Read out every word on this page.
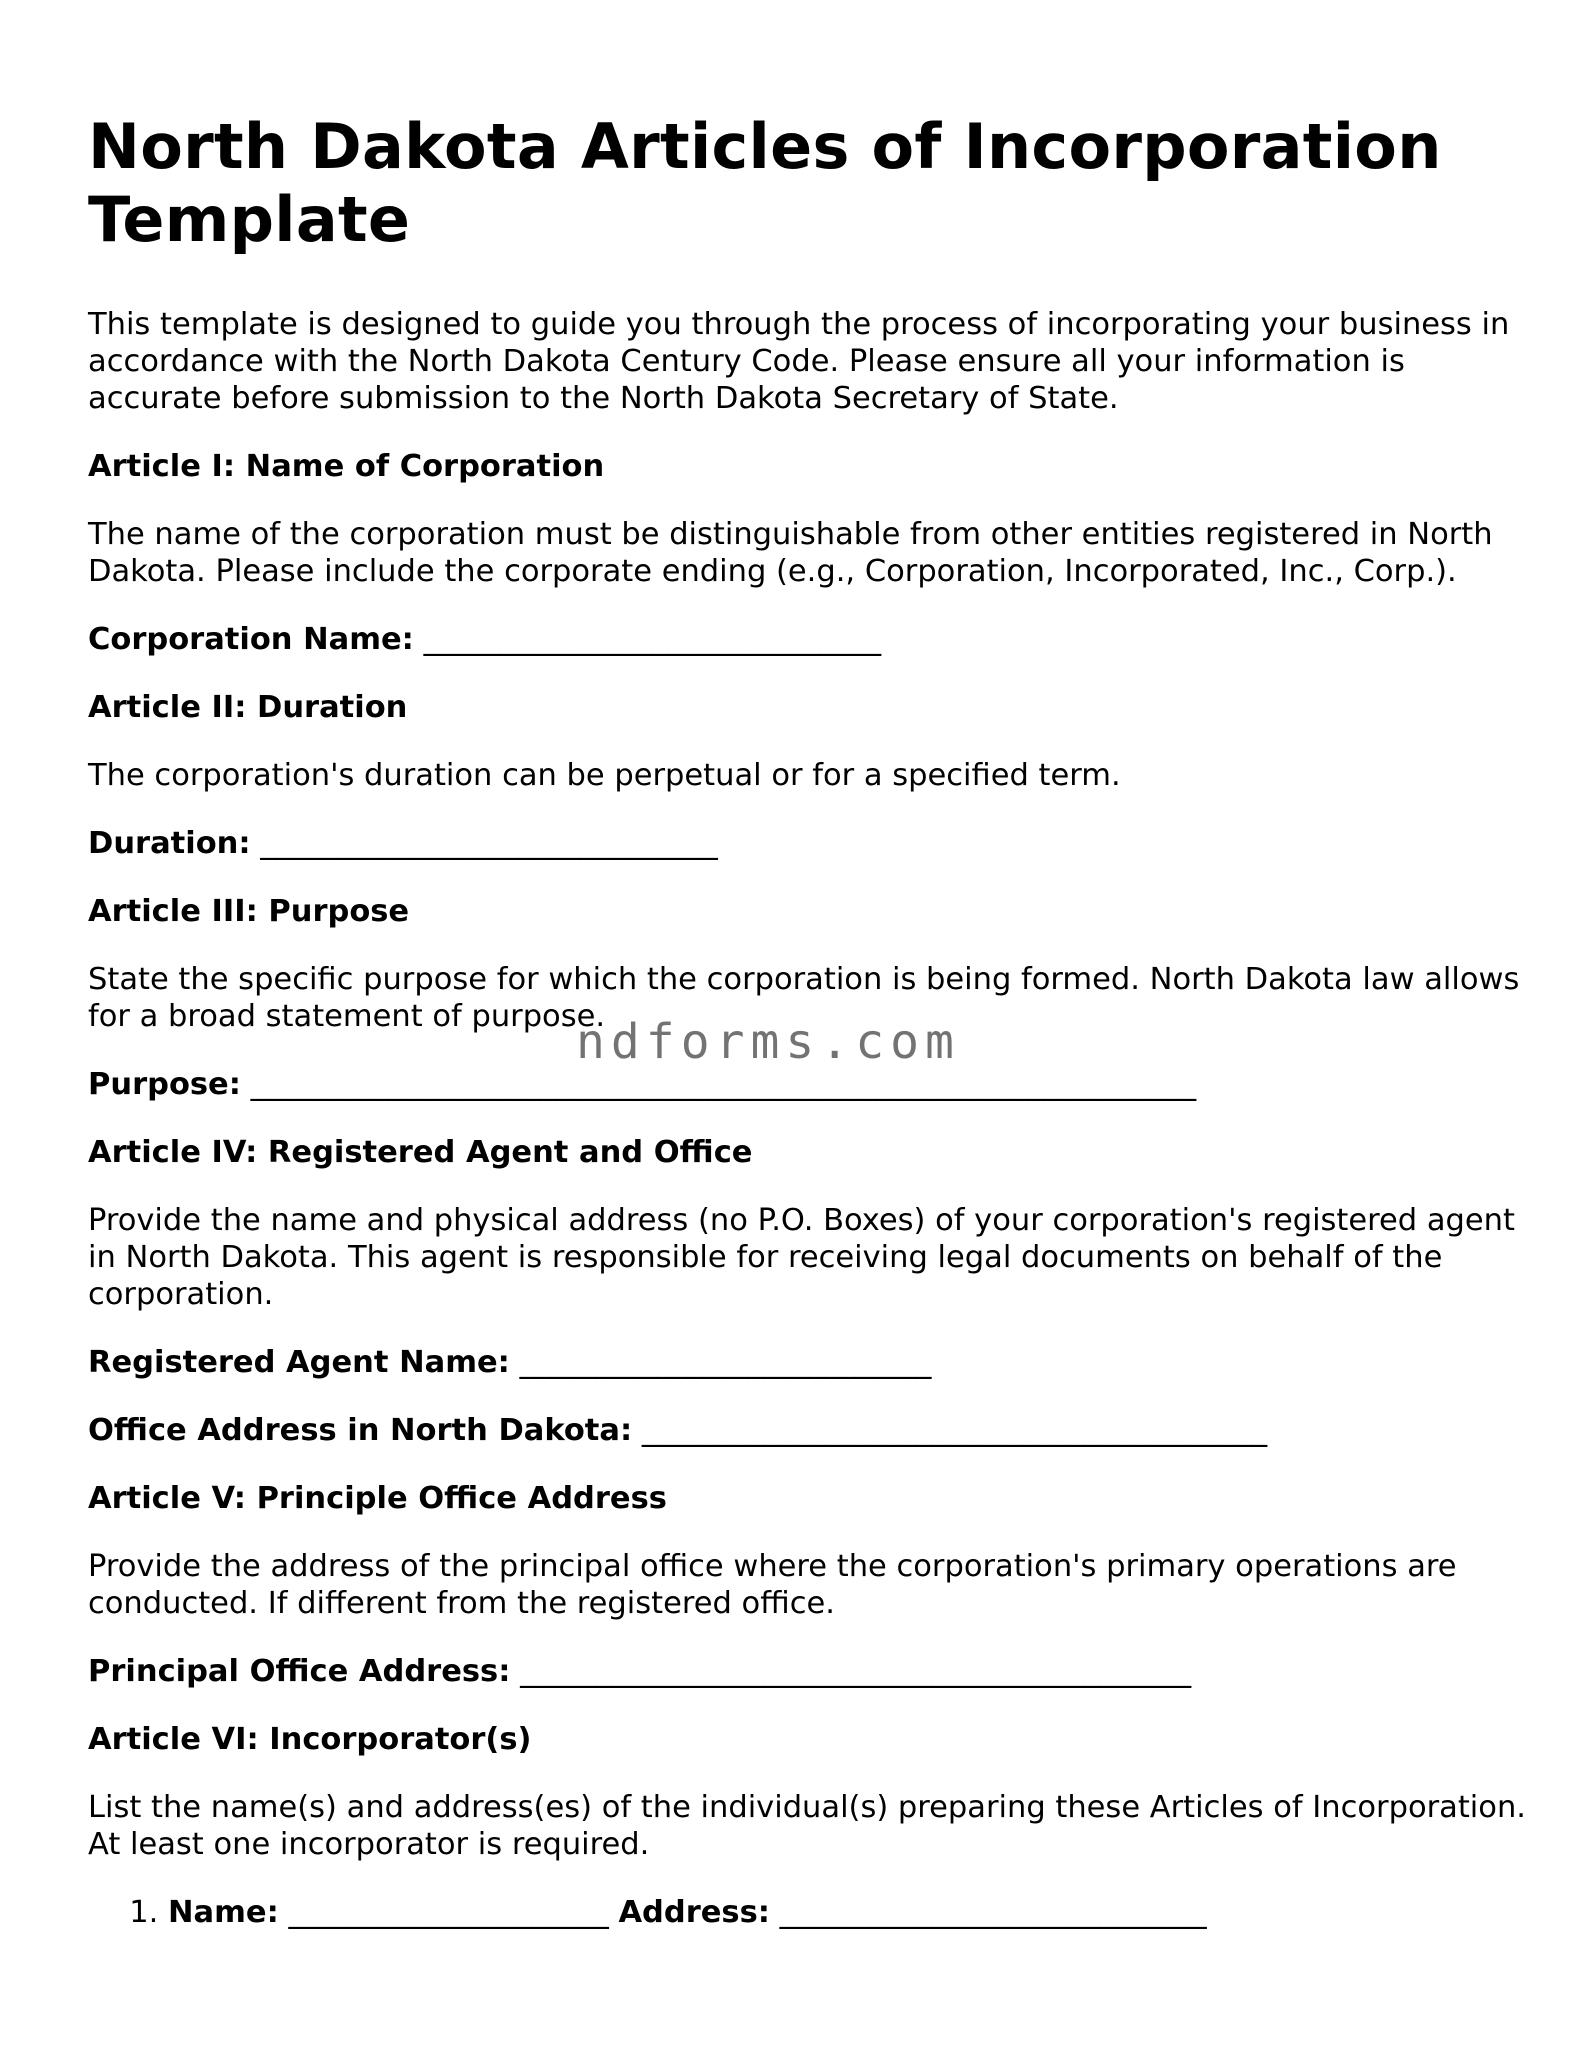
North Dakota Articles of Incorporation Template

This template is designed to guide you through the process of incorporating your business in accordance with the North Dakota Century Code. Please ensure all your information is accurate before submission to the North Dakota Secretary of State.

Article I: Name of Corporation

The name of the corporation must be distinguishable from other entities registered in North Dakota. Please include the corporate ending (e.g., Corporation, Incorporated, Inc., Corp.).

Corporation Name: ______________________________

Article II: Duration

The corporation's duration can be perpetual or for a specified term.

Duration: ______________________________

Article III: Purpose

State the specific purpose for which the corporation is being formed. North Dakota law allows for a broad statement of purpose.

Purpose: ______________________________________________________________

Article IV: Registered Agent and Office

Provide the name and physical address (no P.O. Boxes) of your corporation's registered agent in North Dakota. This agent is responsible for receiving legal documents on behalf of the corporation.

Registered Agent Name: ___________________________

Office Address in North Dakota: _________________________________________

Article V: Principle Office Address

Provide the address of the principal office where the corporation's primary operations are conducted. If different from the registered office.

Principal Office Address: ____________________________________________

Article VI: Incorporator(s)

List the name(s) and address(es) of the individual(s) preparing these Articles of Incorporation. At least one incorporator is required.

1. Name: _____________________ Address: ____________________________
ndforms.com
